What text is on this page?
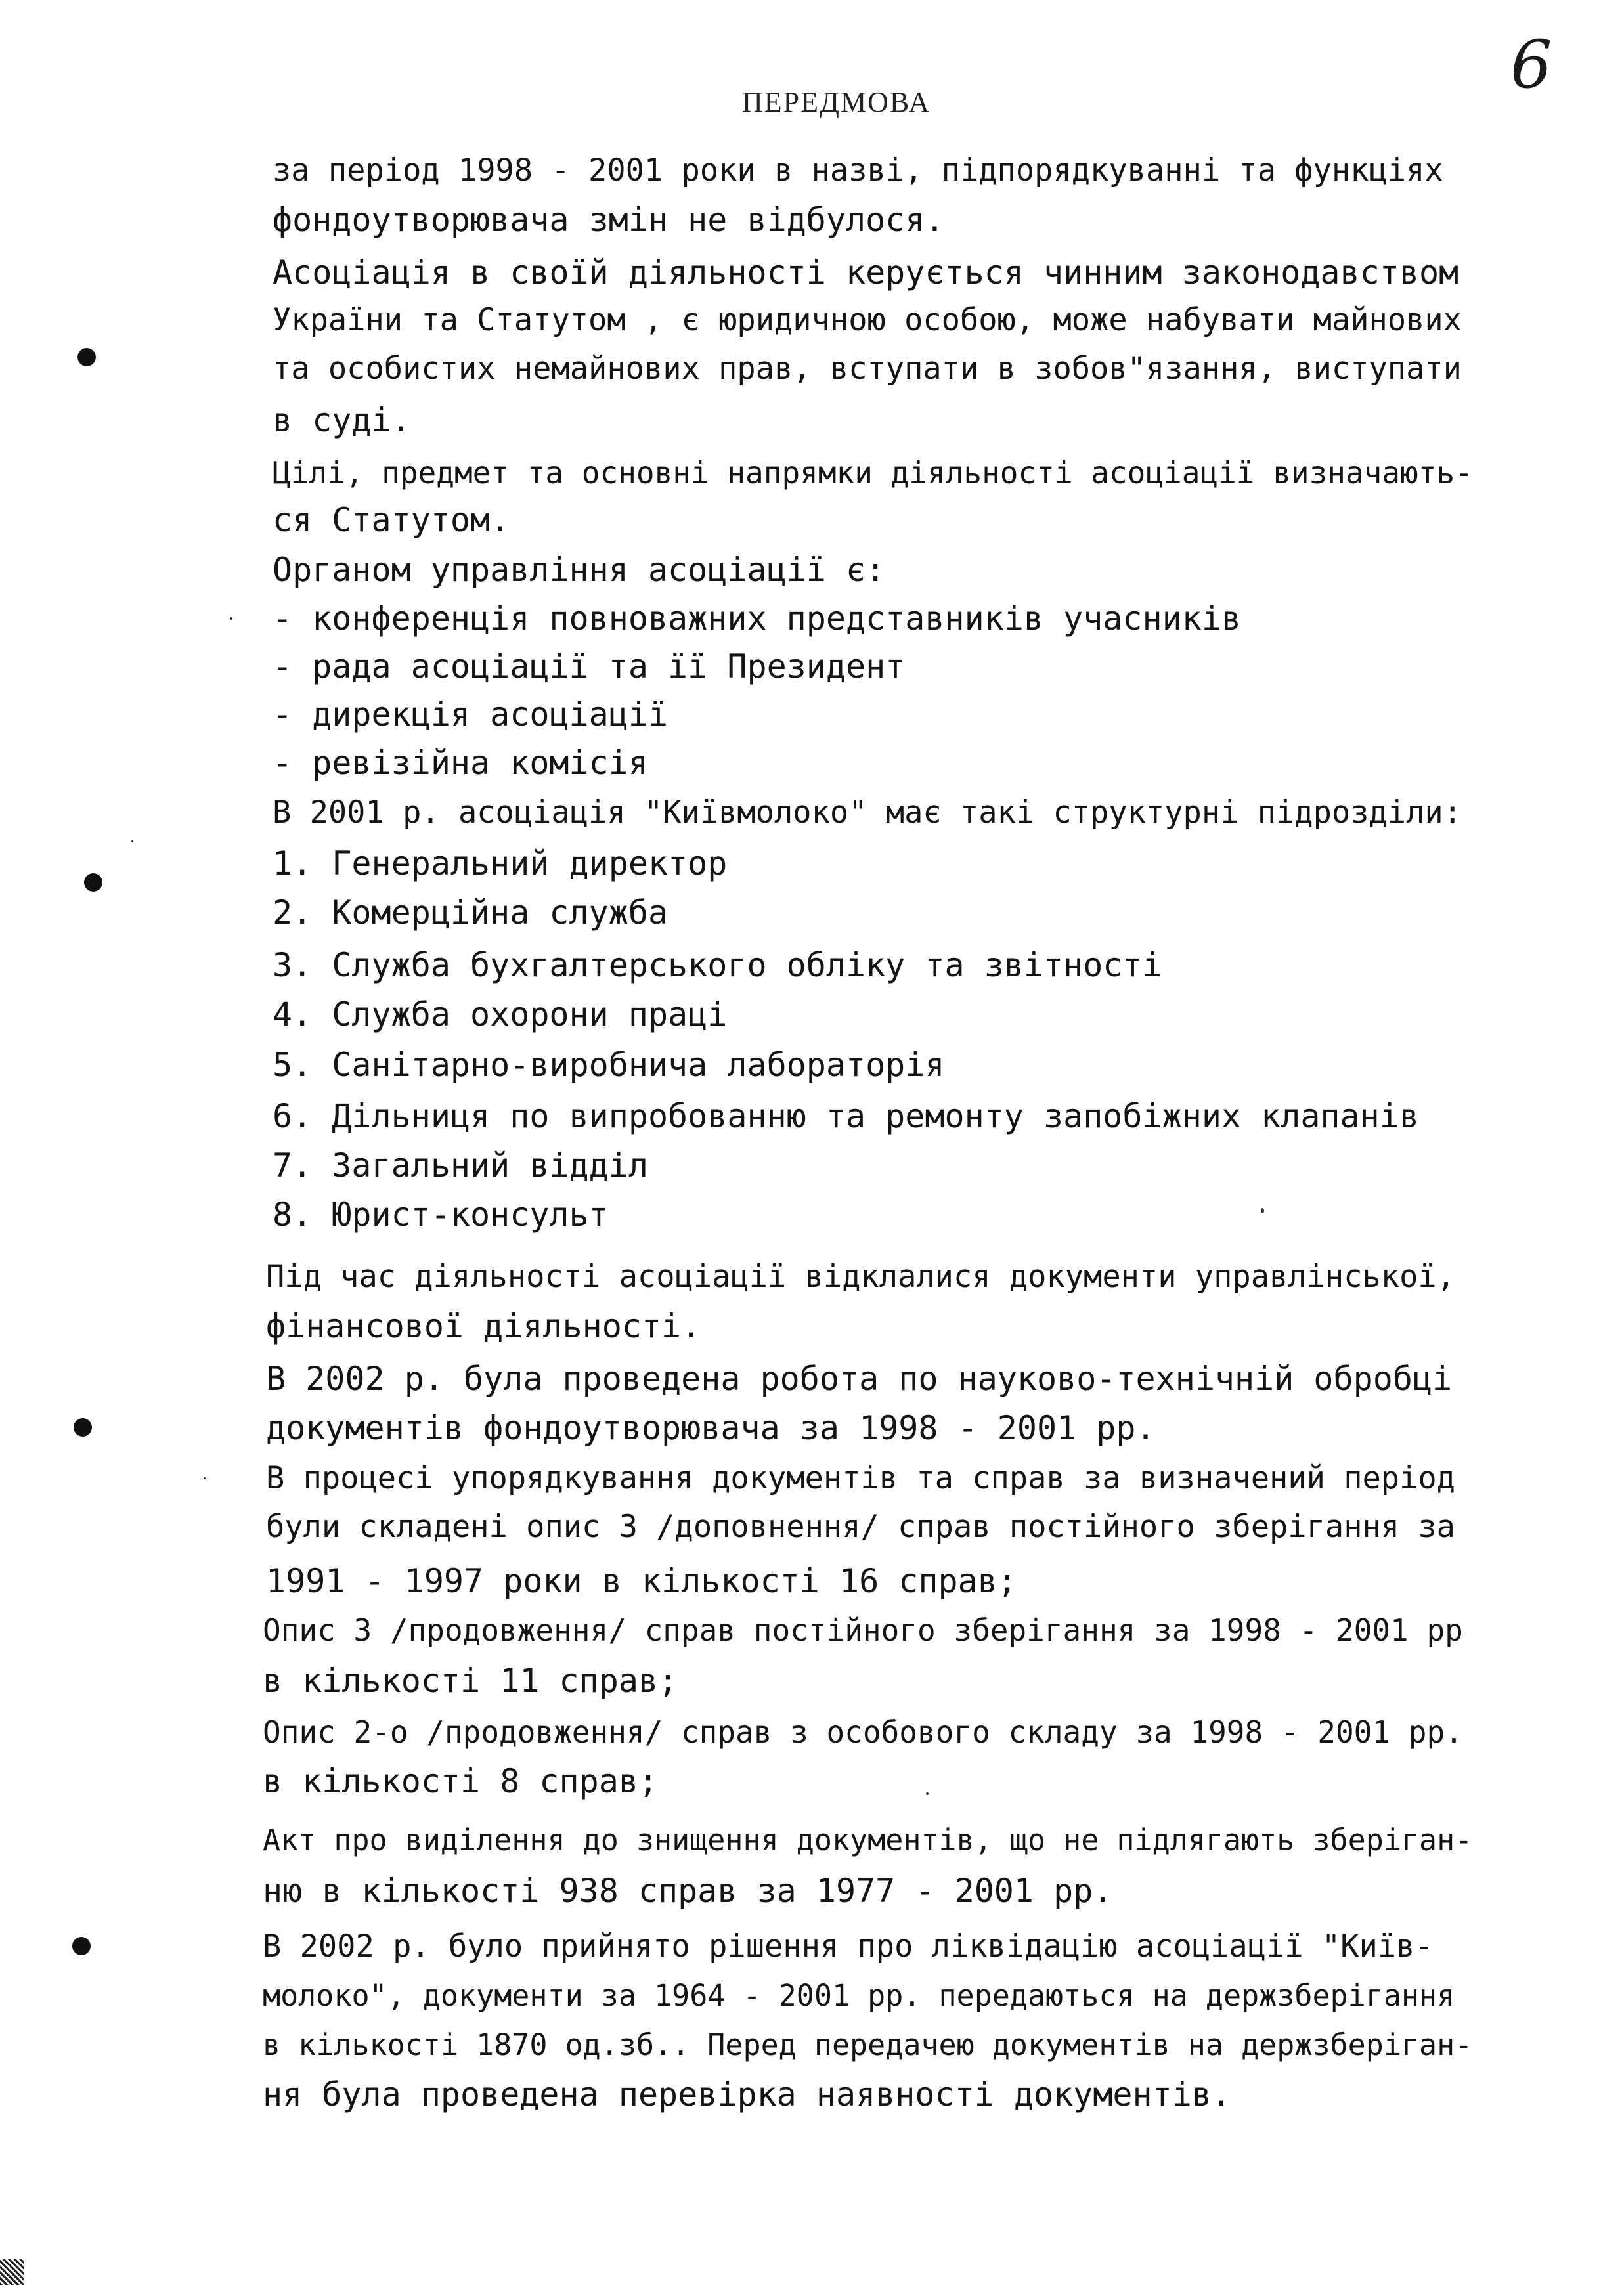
6
ПЕРЕДМОВА
за період 1998 - 2001 роки в назві, підпорядкуванні та функціях
фондоутворювача змін не відбулося.
Асоціація в своїй діяльності керується чинним законодавством
України та Статутом , є юридичною особою, може набувати майнових
та особистих немайнових прав, вступати в зобов"язання, виступати
в суді.
Цілі, предмет та основні напрямки діяльності асоціації визначають-
ся Статутом.
Органом управління асоціації є:
- конференція повноважних представників учасників
- рада асоціації та її Президент
- дирекція асоціації
- ревізійна комісія
В 2001 р. асоціація "Київмолоко" має такі структурні підрозділи:
1. Генеральний директор
2. Комерційна служба
3. Служба бухгалтерського обліку та звітності
4. Служба охорони праці
5. Санітарно-виробнича лабораторія
6. Дільниця по випробованню та ремонту запобіжних клапанів
7. Загальний відділ
8. Юрист-консульт
Під час діяльності асоціації відклалися документи управлінської,
фінансової діяльності.
В 2002 р. була проведена робота по науково-технічній обробці
документів фондоутворювача за 1998 - 2001 рр.
В процесі упорядкування документів та справ за визначений період
були складені опис 3 /доповнення/ справ постійного зберігання за
1991 - 1997 роки в кількості 16 справ;
Опис 3 /продовження/ справ постійного зберігання за 1998 - 2001 рр
в кількості 11 справ;
Опис 2-о /продовження/ справ з особового складу за 1998 - 2001 рр.
в кількості 8 справ;
Акт про виділення до знищення документів, що не підлягають зберіган-
ню в кількості 938 справ за 1977 - 2001 рр.
В 2002 р. було прийнято рішення про ліквідацію асоціації "Київ-
молоко", документи за 1964 - 2001 рр. передаються на держзберігання
в кількості 1870 од.зб.. Перед передачею документів на держзберіган-
ня була проведена перевірка наявності документів.
